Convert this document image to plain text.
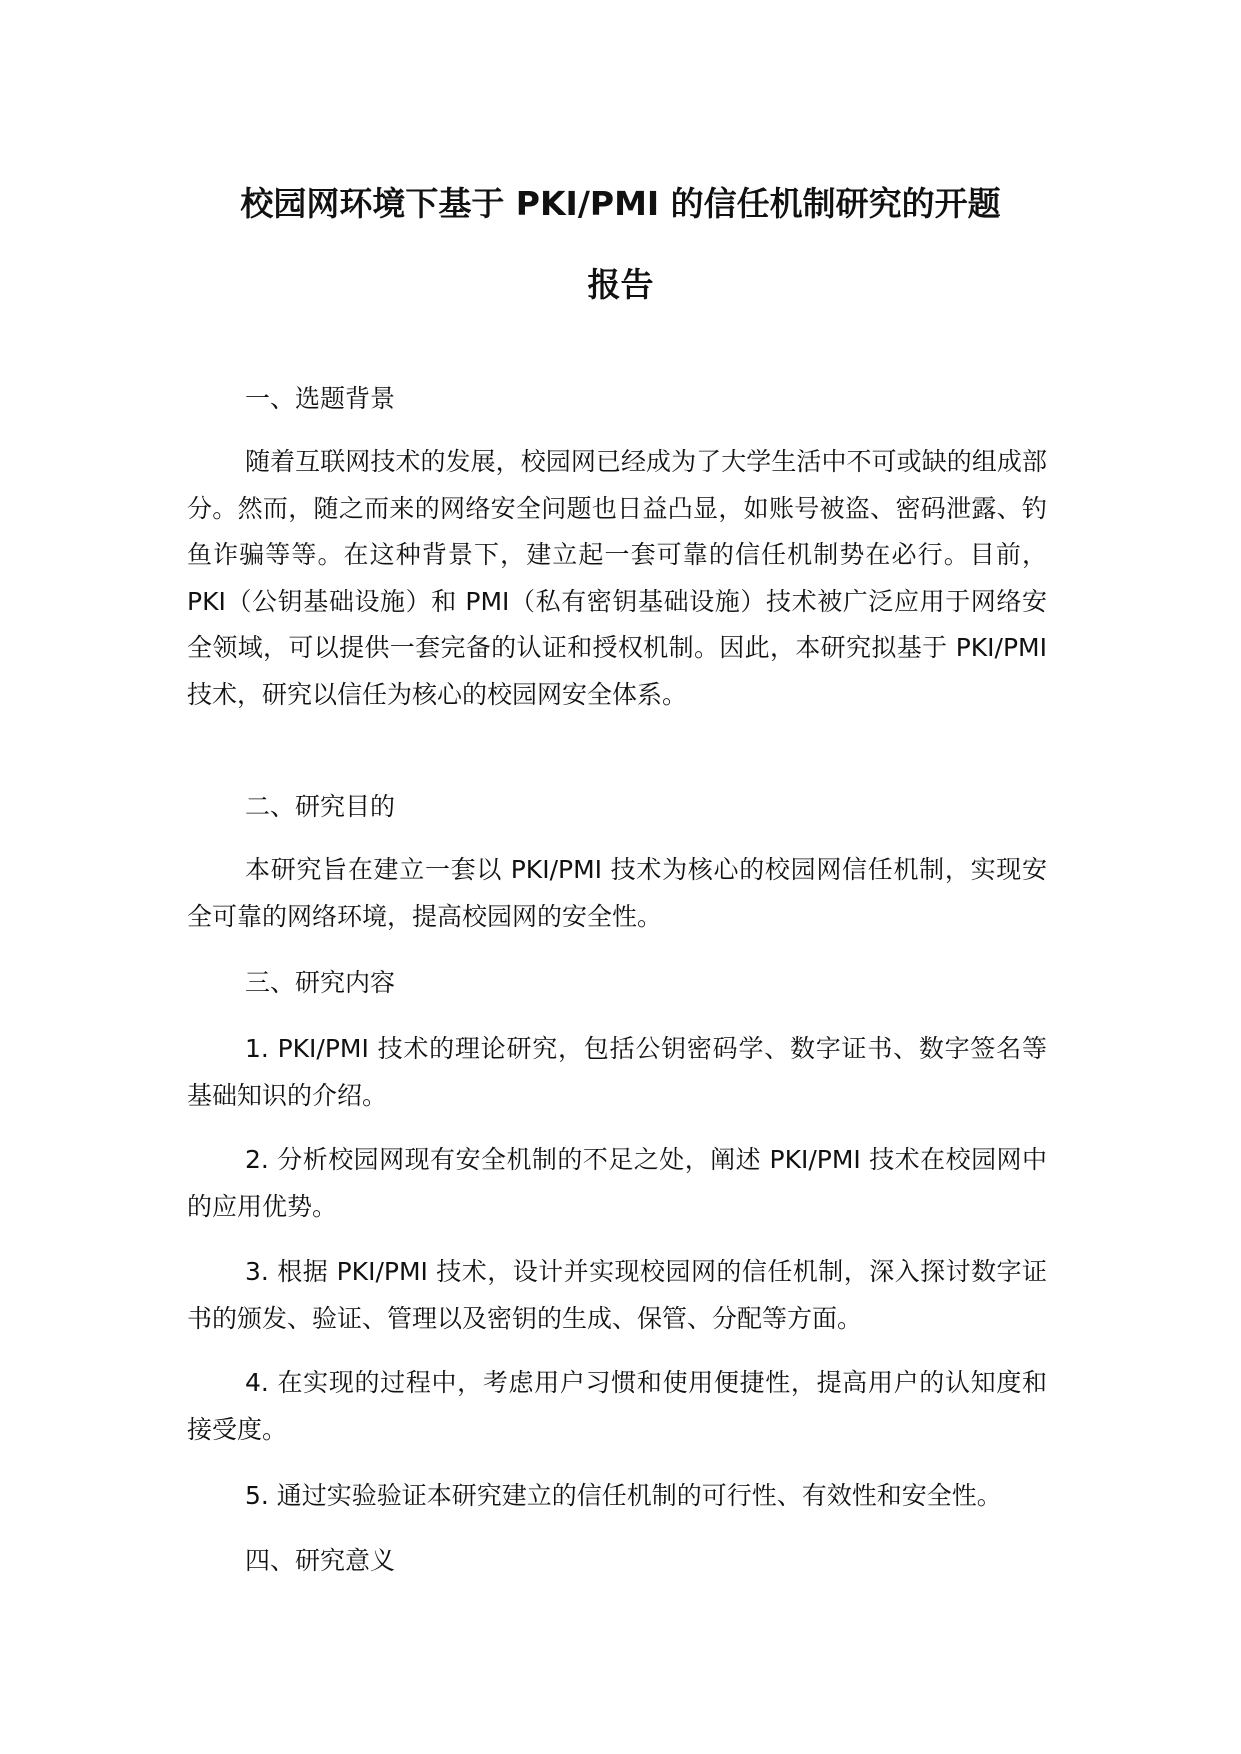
校园网环境下基于 PKI/PMI 的信任机制研究的开题
报告

一、选题背景

随着互联网技术的发展，校园网已经成为了大学生活中不可或缺的组成部分。然而，随之而来的网络安全问题也日益凸显，如账号被盗、密码泄露、钓鱼诈骗等等。在这种背景下，建立起一套可靠的信任机制势在必行。目前，PKI（公钥基础设施）和 PMI（私有密钥基础设施）技术被广泛应用于网络安全领域，可以提供一套完备的认证和授权机制。因此，本研究拟基于 PKI/PMI 技术，研究以信任为核心的校园网安全体系。

二、研究目的

本研究旨在建立一套以 PKI/PMI 技术为核心的校园网信任机制，实现安全可靠的网络环境，提高校园网的安全性。

三、研究内容

1. PKI/PMI 技术的理论研究，包括公钥密码学、数字证书、数字签名等基础知识的介绍。

2. 分析校园网现有安全机制的不足之处，阐述 PKI/PMI 技术在校园网中的应用优势。

3. 根据 PKI/PMI 技术，设计并实现校园网的信任机制，深入探讨数字证书的颁发、验证、管理以及密钥的生成、保管、分配等方面。

4. 在实现的过程中，考虑用户习惯和使用便捷性，提高用户的认知度和接受度。

5. 通过实验验证本研究建立的信任机制的可行性、有效性和安全性。

四、研究意义
